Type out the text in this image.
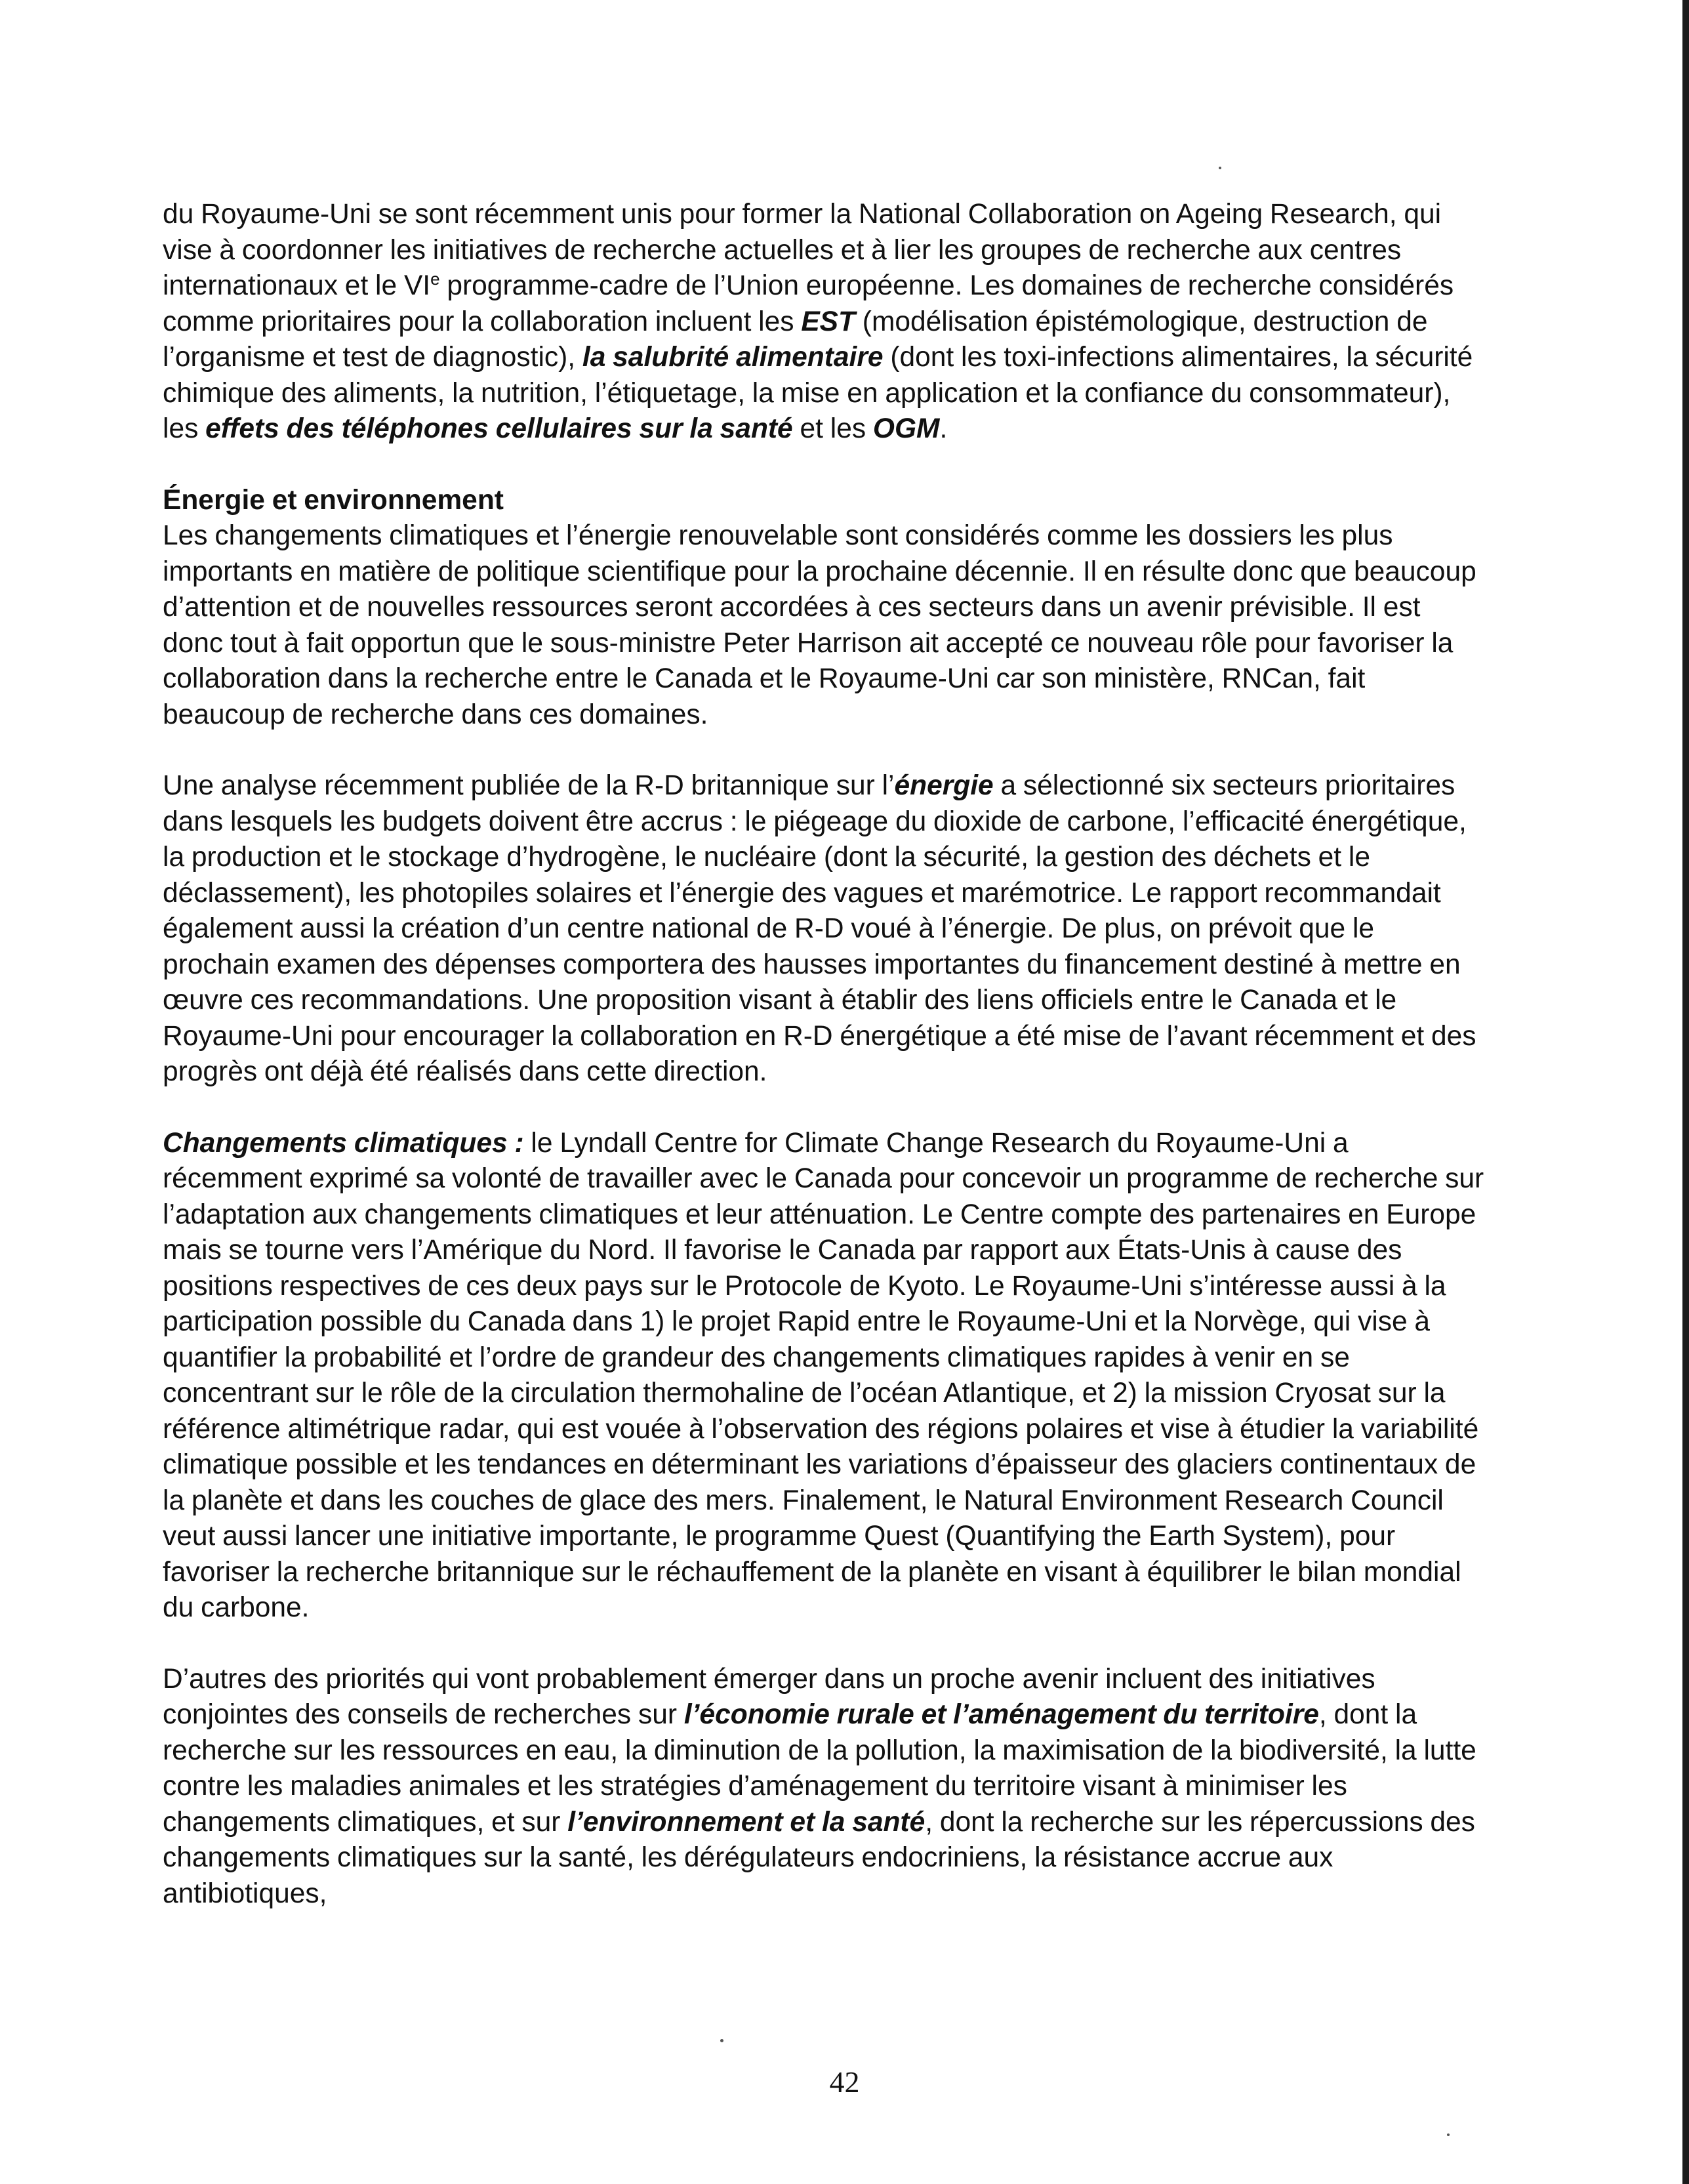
du Royaume-Uni se sont récemment unis pour former la National Collaboration on Ageing Research, qui vise à coordonner les initiatives de recherche actuelles et à lier les groupes de recherche aux centres internationaux et le VIe programme-cadre de l’Union européenne. Les domaines de recherche considérés comme prioritaires pour la collaboration incluent les EST (modélisation épistémologique, destruction de l’organisme et test de diagnostic), la salubrité alimentaire (dont les toxi-infections alimentaires, la sécurité chimique des aliments, la nutrition, l’étiquetage, la mise en application et la confiance du consommateur), les effets des téléphones cellulaires sur la santé et les OGM.

Énergie et environnement
Les changements climatiques et l’énergie renouvelable sont considérés comme les dossiers les plus importants en matière de politique scientifique pour la prochaine décennie. Il en résulte donc que beaucoup d’attention et de nouvelles ressources seront accordées à ces secteurs dans un avenir prévisible. Il est donc tout à fait opportun que le sous-ministre Peter Harrison ait accepté ce nouveau rôle pour favoriser la collaboration dans la recherche entre le Canada et le Royaume-Uni car son ministère, RNCan, fait beaucoup de recherche dans ces domaines.

Une analyse récemment publiée de la R-D britannique sur l’énergie a sélectionné six secteurs prioritaires dans lesquels les budgets doivent être accrus : le piégeage du dioxide de carbone, l’efficacité énergétique, la production et le stockage d’hydrogène, le nucléaire (dont la sécurité, la gestion des déchets et le déclassement), les photopiles solaires et l’énergie des vagues et marémotrice. Le rapport recommandait également aussi la création d’un centre national de R-D voué à l’énergie. De plus, on prévoit que le prochain examen des dépenses comportera des hausses importantes du financement destiné à mettre en œuvre ces recommandations. Une proposition visant à établir des liens officiels entre le Canada et le Royaume-Uni pour encourager la collaboration en R-D énergétique a été mise de l’avant récemment et des progrès ont déjà été réalisés dans cette direction.

Changements climatiques : le Lyndall Centre for Climate Change Research du Royaume-Uni a récemment exprimé sa volonté de travailler avec le Canada pour concevoir un programme de recherche sur l’adaptation aux changements climatiques et leur atténuation. Le Centre compte des partenaires en Europe mais se tourne vers l’Amérique du Nord. Il favorise le Canada par rapport aux États-Unis à cause des positions respectives de ces deux pays sur le Protocole de Kyoto. Le Royaume-Uni s’intéresse aussi à la participation possible du Canada dans 1) le projet Rapid entre le Royaume-Uni et la Norvège, qui vise à quantifier la probabilité et l’ordre de grandeur des changements climatiques rapides à venir en se concentrant sur le rôle de la circulation thermohaline de l’océan Atlantique, et 2) la mission Cryosat sur la référence altimétrique radar, qui est vouée à l’observation des régions polaires et vise à étudier la variabilité climatique possible et les tendances en déterminant les variations d’épaisseur des glaciers continentaux de la planète et dans les couches de glace des mers. Finalement, le Natural Environment Research Council veut aussi lancer une initiative importante, le programme Quest (Quantifying the Earth System), pour favoriser la recherche britannique sur le réchauffement de la planète en visant à équilibrer le bilan mondial du carbone.

D’autres des priorités qui vont probablement émerger dans un proche avenir incluent des initiatives conjointes des conseils de recherches sur l’économie rurale et l’aménagement du territoire, dont la recherche sur les ressources en eau, la diminution de la pollution, la maximisation de la biodiversité, la lutte contre les maladies animales et les stratégies d’aménagement du territoire visant à minimiser les changements climatiques, et sur l’environnement et la santé, dont la recherche sur les répercussions des changements climatiques sur la santé, les dérégulateurs endocriniens, la résistance accrue aux antibiotiques,

42
